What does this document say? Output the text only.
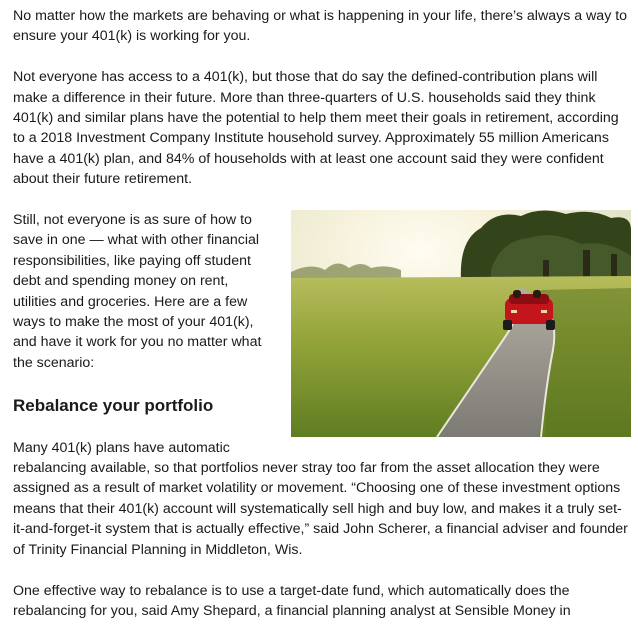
No matter how the markets are behaving or what is happening in your life, there’s always a way to ensure your 401(k) is working for you.

Not everyone has access to a 401(k), but those that do say the defined-contribution plans will make a difference in their future. More than three-quarters of U.S. households said they think 401(k) and similar plans have the potential to help them meet their goals in retirement, according to a 2018 Investment Company Institute household survey. Approximately 55 million Americans have a 401(k) plan, and 84% of households with at least one account said they were confident about their future retirement.

Still, not everyone is as sure of how to save in one — what with other financial responsibilities, like paying off student debt and spending money on rent, utilities and groceries. Here are a few ways to make the most of your 401(k), and have it work for you no matter what the scenario:

Rebalance your portfolio

Many 401(k) plans have automatic rebalancing available, so that portfolios never stray too far from the asset allocation they were assigned as a result of market volatility or movement. “Choosing one of these investment options means that their 401(k) account will systematically sell high and buy low, and makes it a truly set-it-and-forget-it system that is actually effective,” said John Scherer, a financial adviser and founder of Trinity Financial Planning in Middleton, Wis.

One effective way to rebalance is to use a target-date fund, which automatically does the rebalancing for you, said Amy Shepard, a financial planning analyst at Sensible Money in
